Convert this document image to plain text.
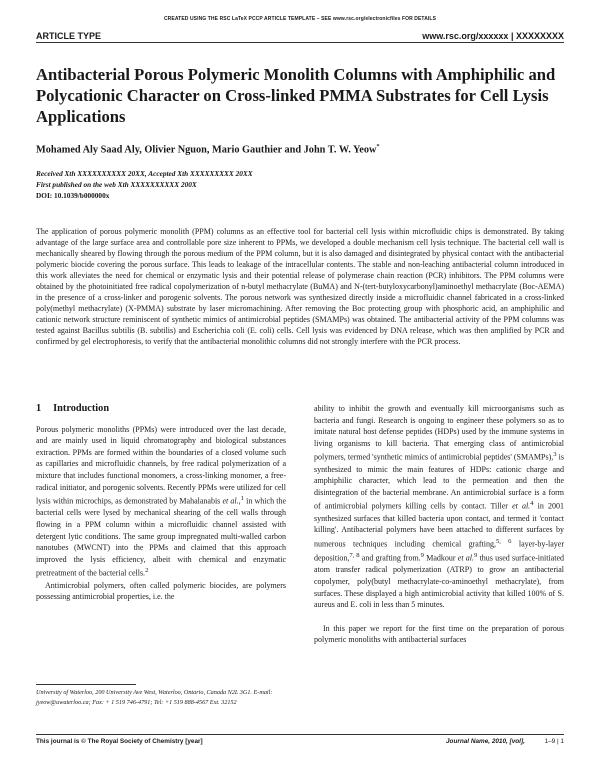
CREATED USING THE RSC LaTeX PCCP ARTICLE TEMPLATE – SEE www.rsc.org/electronicfiles FOR DETAILS
ARTICLE TYPE	www.rsc.org/xxxxxx | XXXXXXXX
Antibacterial Porous Polymeric Monolith Columns with Amphiphilic and Polycationic Character on Cross-linked PMMA Substrates for Cell Lysis Applications
Mohamed Aly Saad Aly, Olivier Nguon, Mario Gauthier and John T. W. Yeow*
Received Xth XXXXXXXXXX 20XX, Accepted Xth XXXXXXXXX 20XX
First published on the web Xth XXXXXXXXXX 200X
DOI: 10.1039/b000000x

The application of porous polymeric monolith (PPM) columns as an effective tool for bacterial cell lysis within microfluidic chips is demonstrated. By taking advantage of the large surface area and controllable pore size inherent to PPMs, we developed a double mechanism cell lysis technique. The bacterial cell wall is mechanically sheared by flowing through the porous medium of the PPM column, but it is also damaged and disintegrated by physical contact with the antibacterial polymeric biocide covering the porous surface. This leads to leakage of the intracellular contents. The stable and non-leaching antibacterial column introduced in this work alleviates the need for chemical or enzymatic lysis and their potential release of polymerase chain reaction (PCR) inhibitors. The PPM columns were obtained by the photoinitiated free radical copolymerization of n-butyl methacrylate (BuMA) and N-(tert-butyloxycarbonyl)aminoethyl methacrylate (Boc-AEMA) in the presence of a cross-linker and porogenic solvents. The porous network was synthesized directly inside a microfluidic channel fabricated in a cross-linked poly(methyl methacrylate) (X-PMMA) substrate by laser micromachining. After removing the Boc protecting group with phosphoric acid, an amphiphilic and cationic network structure reminiscent of synthetic mimics of antimicrobial peptides (SMAMPs) was obtained. The antibacterial activity of the PPM columns was tested against Bacillus subtilis (B. subtilis) and Escherichia coli (E. coli) cells. Cell lysis was evidenced by DNA release, which was then amplified by PCR and confirmed by gel electrophoresis, to verify that the antibacterial monolithic columns did not strongly interfere with the PCR process.

1 Introduction

Porous polymeric monoliths (PPMs) were introduced over the last decade, and are mainly used in liquid chromatography and biological substances extraction. PPMs are formed within the boundaries of a closed volume such as capillaries and microfluidic channels, by free radical polymerization of a mixture that includes functional monomers, a cross-linking monomer, a free-radical initiator, and porogenic solvents. Recently PPMs were utilized for cell lysis within microchips, as demonstrated by Mahalanabis et al.,$^1$ in which the bacterial cells were lysed by mechanical shearing of the cell walls through flowing in a PPM column within a microfluidic channel assisted with detergent lytic conditions. The same group impregnated multi-walled carbon nanotubes (MWCNT) into the PPMs and claimed that this approach improved the lysis efficiency, albeit with chemical and enzymatic pretreatment of the bacterial cells.$^2$

Antimicrobial polymers, often called polymeric biocides, are polymers possessing antimicrobial properties, i.e. the

ability to inhibit the growth and eventually kill microorganisms such as bacteria and fungi. Research is ongoing to engineer these polymers so as to imitate natural host defense peptides (HDPs) used by the immune systems in living organisms to kill bacteria. That emerging class of antimicrobial polymers, termed 'synthetic mimics of antimicrobial peptides' (SMAMPs),$^3$ is synthesized to mimic the main features of HDPs: cationic charge and amphiphilic character, which lead to the permeation and then the disintegration of the bacterial membrane. An antimicrobial surface is a form of antimicrobial polymers killing cells by contact. Tiller et al.$^4$ in 2001 synthesized surfaces that killed bacteria upon contact, and termed it 'contact killing'. Antibacterial polymers have been attached to different surfaces by numerous techniques including chemical grafting,$^{5, 6}$ layer-by-layer deposition,$^{7, 8}$ and grafting from.$^9$ Madkour et al.$^9$ thus used surface-initiated atom transfer radical polymerization (ATRP) to grow an antibacterial copolymer, poly(butyl methacrylate-co-aminoethyl methacrylate), from surfaces. These displayed a high antimicrobial activity that killed 100% of S. aureus and E. coli in less than 5 minutes.

In this paper we report for the first time on the preparation of porous polymeric monoliths with antibacterial surfaces

University of Waterloo, 200 University Ave West, Waterloo, Ontario, Canada N2L 3G1. E-mail: jyeow@uwaterloo.ca; Fax: + 1 519 746-4791; Tel: +1 519 888-4567 Ext. 32152

This journal is © The Royal Society of Chemistry [year]	Journal Name, 2010, [vol],	1–9 | 1
